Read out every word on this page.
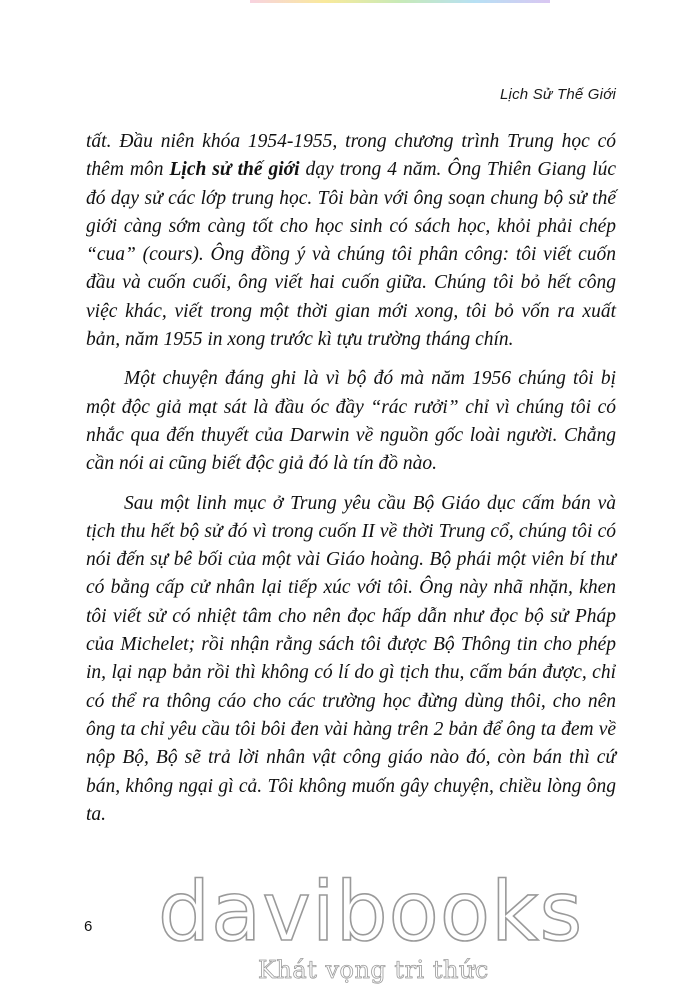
Lịch Sử Thế Giới

tất. Đầu niên khóa 1954-1955, trong chương trình Trung học có thêm môn Lịch sử thế giới dạy trong 4 năm. Ông Thiên Giang lúc đó dạy sử các lớp trung học. Tôi bàn với ông soạn chung bộ sử thế giới càng sớm càng tốt cho học sinh có sách học, khỏi phải chép “cua” (cours). Ông đồng ý và chúng tôi phân công: tôi viết cuốn đầu và cuốn cuối, ông viết hai cuốn giữa. Chúng tôi bỏ hết công việc khác, viết trong một thời gian mới xong, tôi bỏ vốn ra xuất bản, năm 1955 in xong trước kì tựu trường tháng chín.

Một chuyện đáng ghi là vì bộ đó mà năm 1956 chúng tôi bị một độc giả mạt sát là đầu óc đầy “rác rưởi” chỉ vì chúng tôi có nhắc qua đến thuyết của Darwin về nguồn gốc loài người. Chẳng cần nói ai cũng biết độc giả đó là tín đồ nào.

Sau một linh mục ở Trung yêu cầu Bộ Giáo dục cấm bán và tịch thu hết bộ sử đó vì trong cuốn II về thời Trung cổ, chúng tôi có nói đến sự bê bối của một vài Giáo hoàng. Bộ phái một viên bí thư có bằng cấp cử nhân lại tiếp xúc với tôi. Ông này nhã nhặn, khen tôi viết sử có nhiệt tâm cho nên đọc hấp dẫn như đọc bộ sử Pháp của Michelet; rồi nhận rằng sách tôi được Bộ Thông tin cho phép in, lại nạp bản rồi thì không có lí do gì tịch thu, cấm bán được, chỉ có thể ra thông cáo cho các trường học đừng dùng thôi, cho nên ông ta chỉ yêu cầu tôi bôi đen vài hàng trên 2 bản để ông ta đem về nộp Bộ, Bộ sẽ trả lời nhân vật công giáo nào đó, còn bán thì cứ bán, không ngại gì cả. Tôi không muốn gây chuyện, chiều lòng ông ta.

6 davibooks
Khát vọng tri thức
